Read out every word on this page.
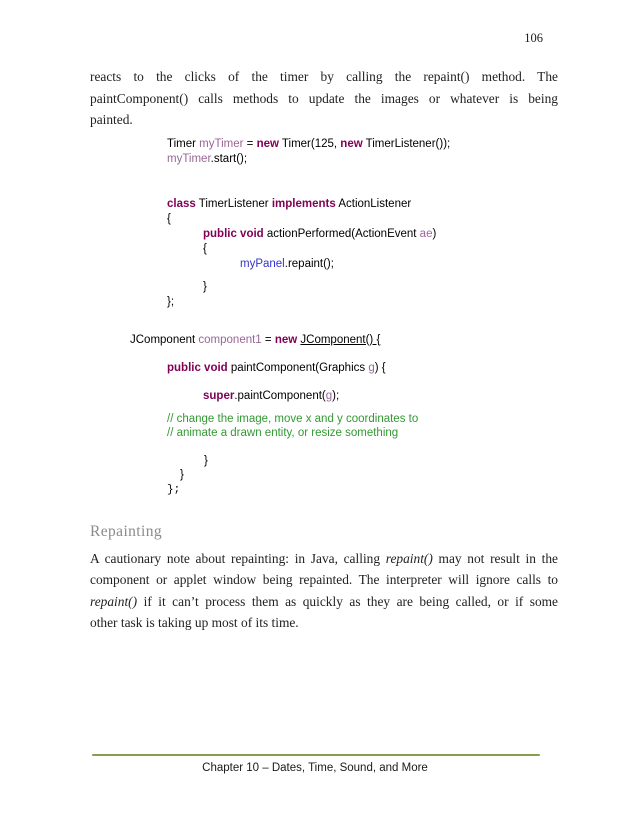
106
reacts to the clicks of the timer by calling the repaint() method. The
paintComponent() calls methods to update the images or whatever is being
painted.
Timer myTimer = new Timer(125, new TimerListener());
myTimer.start();

class TimerListener implements ActionListener
{
public void actionPerformed(ActionEvent ae)
{
myPanel.repaint();

}
};
JComponent component1 = new JComponent() {

public void paintComponent(Graphics g) {

super.paintComponent(g);

// change the image, move x and y coordinates to
// animate a drawn entity, or resize something

}
}
};
Repainting
A cautionary note about repainting: in Java, calling repaint() may not result in the
component or applet window being repainted. The interpreter will ignore calls to
repaint() if it can’t process them as quickly as they are being called, or if some
other task is taking up most of its time.
Chapter 10 – Dates, Time, Sound, and More
